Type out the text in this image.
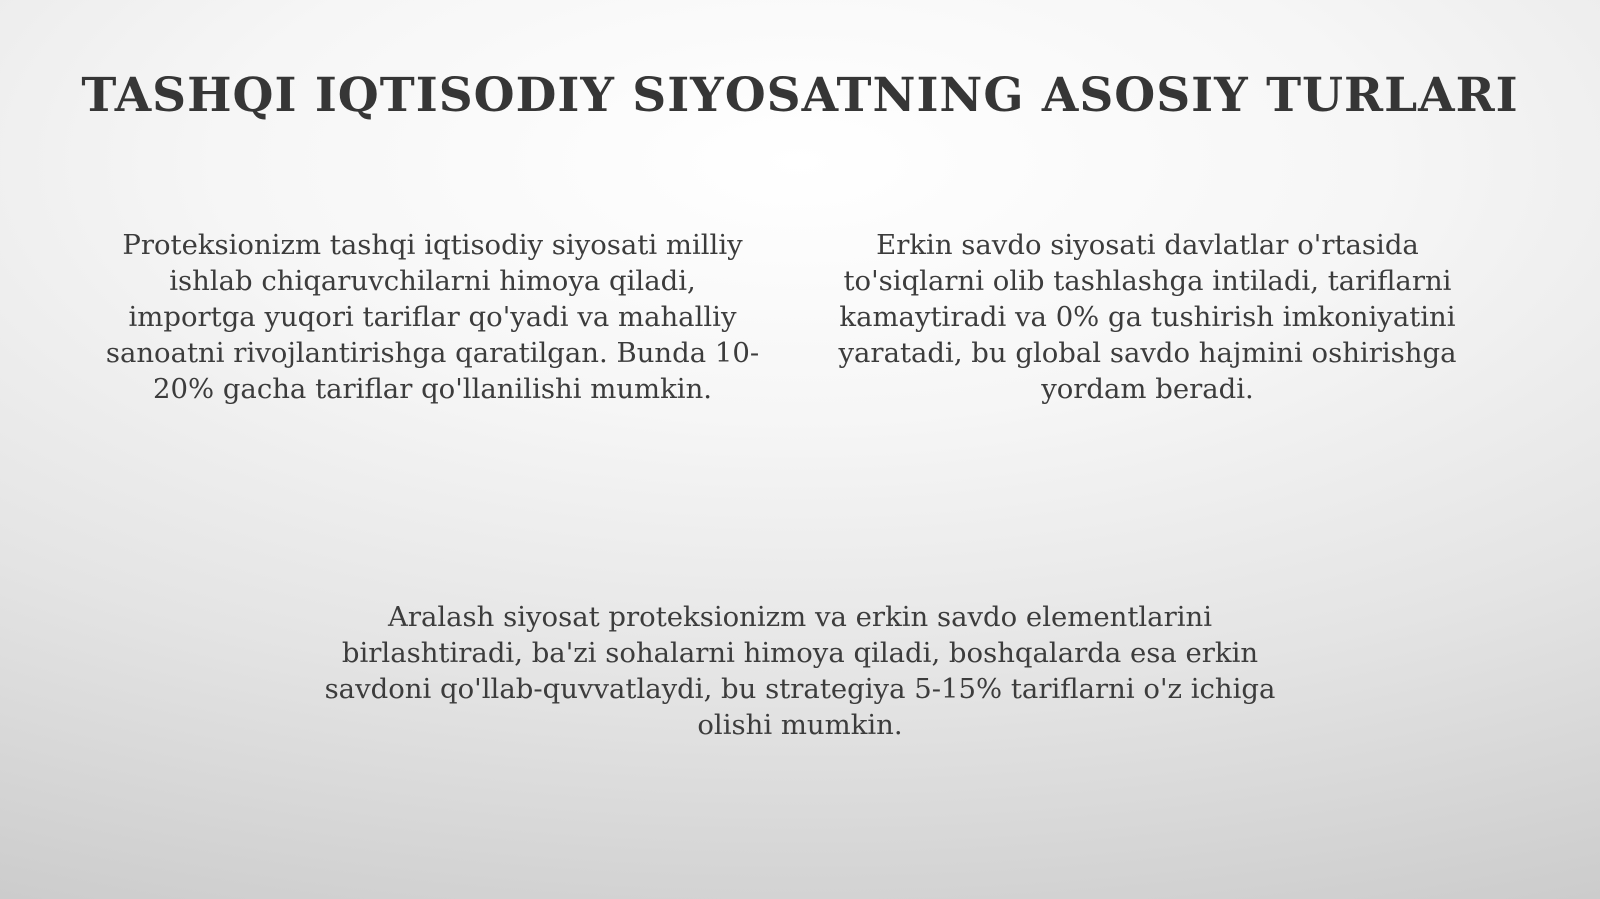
TASHQI IQTISODIY SIYOSATNING ASOSIY TURLARI

Proteksionizm tashqi iqtisodiy siyosati milliy ishlab chiqaruvchilarni himoya qiladi, importga yuqori tariflar qo'yadi va mahalliy sanoatni rivojlantirishga qaratilgan. Bunda 10-20% gacha tariflar qo'llanilishi mumkin.

Erkin savdo siyosati davlatlar o'rtasida to'siqlarni olib tashlashga intiladi, tariflarni kamaytiradi va 0% ga tushirish imkoniyatini yaratadi, bu global savdo hajmini oshirishga yordam beradi.

Aralash siyosat proteksionizm va erkin savdo elementlarini birlashtiradi, ba'zi sohalarni himoya qiladi, boshqalarda esa erkin savdoni qo'llab-quvvatlaydi, bu strategiya 5-15% tariflarni o'z ichiga olishi mumkin.
